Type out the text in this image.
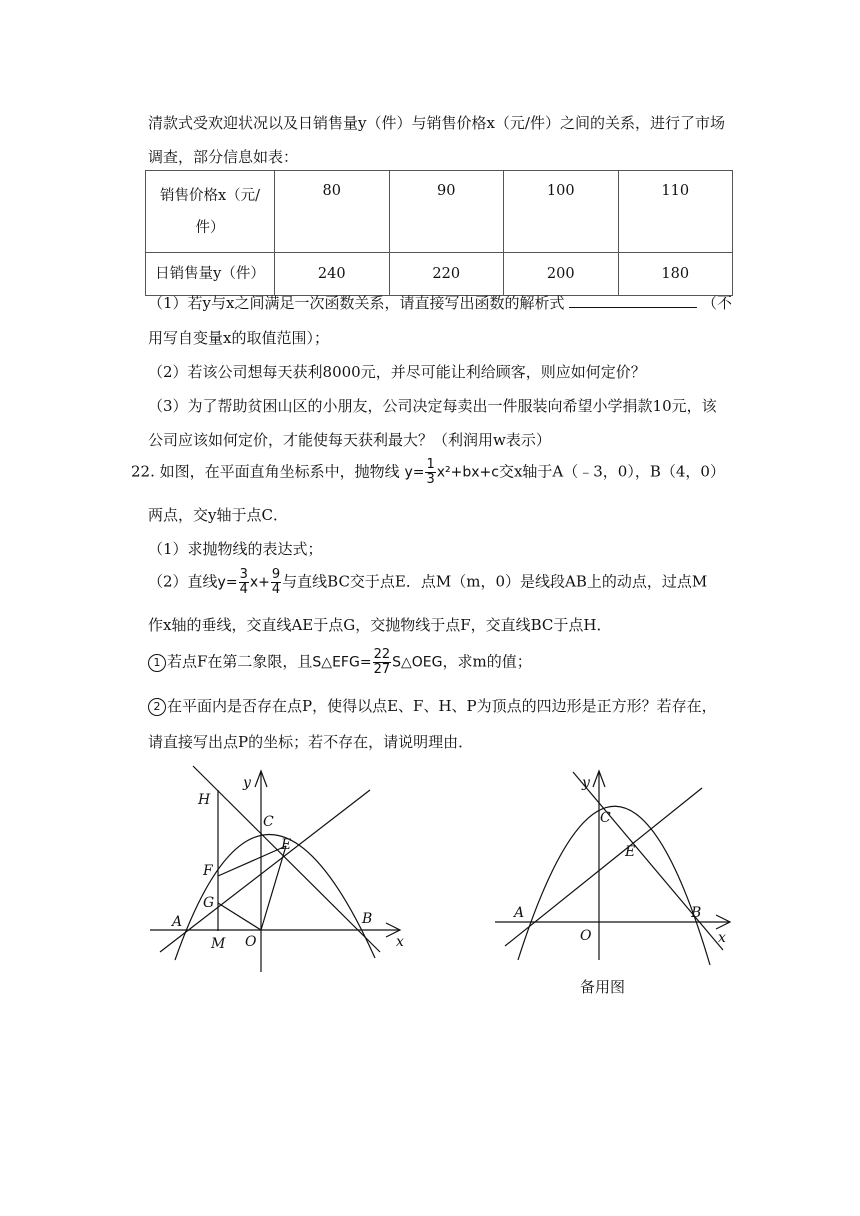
清款式受欢迎状况以及日销售量y（件）与销售价格x（元/件）之间的关系，进行了市场
调查，部分信息如表：
销售价格x（元/件）	80	90	100	110
日销售量y（件）	240	220	200	180
（1）若y与x之间满足一次函数关系，请直接写出函数的解析式	（不
用写自变量x的取值范围）；
（2）若该公司想每天获利8000元，并尽可能让利给顾客，则应如何定价？
（3）为了帮助贫困山区的小朋友，公司决定每卖出一件服装向希望小学捐款10元，该
公司应该如何定价，才能使每天获利最大？（利润用w表示）
22. 如图，在平面直角坐标系中，抛物线 $y= \frac{1}{3} x^2+bx+c$交x轴于A（﹣3，0），B（4，0）
两点，交y轴于点C．
（1）求抛物线的表达式；
（2）直线$y= \frac{3}{4} x+ \frac{9}{4}$ 与直线BC交于点E．点M（m，0）是线段AB上的动点，过点M
作x轴的垂线，交直线AE于点G，交抛物线于点F，交直线BC于点H．
1 若点F在第二象限，且S△EFG= $\frac{22}{27}$ S△OEG，求m的值；
2 在平面内是否存在点P，使得以点E、F、H、P为顶点的四边形是正方形？若存在，
请直接写出点P的坐标；若不存在，请说明理由．
y
x
H
C
E
F
G
A
M O
B
y
x
C
E
A
O
B
备用图
